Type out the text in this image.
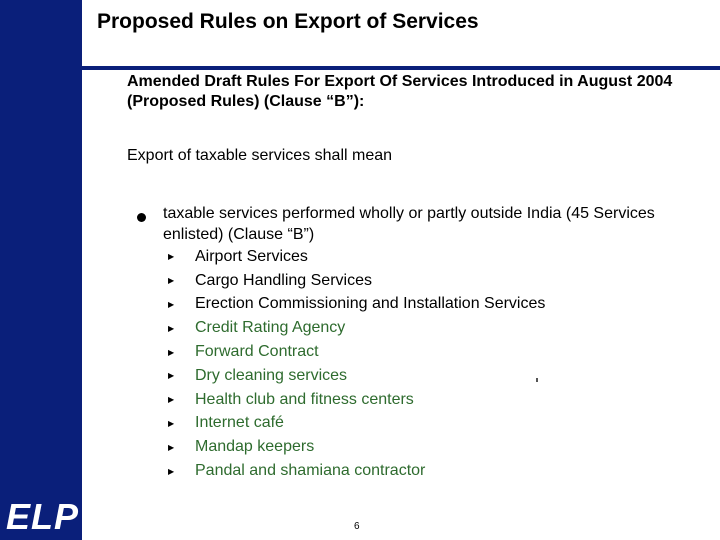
ELP
Proposed Rules on Export of Services
Amended Draft Rules For Export Of Services Introduced in August 2004 (Proposed Rules) (Clause “B”):
Export of taxable services shall mean
taxable services performed wholly or partly outside India (45 Services enlisted) (Clause “B”)
▶	Airport Services
▶	Cargo Handling Services
▶	Erection Commissioning and Installation Services
▶	Credit Rating Agency
▶	Forward Contract
▶	Dry cleaning services
▶	Health club and fitness centers
▶	Internet café
▶	Mandap keepers
▶	Pandal and shamiana contractor
6
